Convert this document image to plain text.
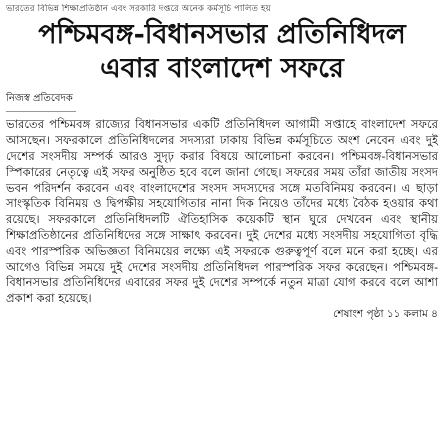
ভারতের বিভিন্ন শিক্ষাপ্রতিষ্ঠান এবং সরকারি দপ্তরে অনেক কর্মসূচি পালিত হয়
পশ্চিমবঙ্গ-বিধানসভার প্রতিনিধিদল
এবার বাংলাদেশ সফরে
নিজস্ব প্রতিবেদক

ভারতের পশ্চিমবঙ্গ রাজ্যের বিধানসভার একটি প্রতিনিধিদল আগামী সপ্তাহে বাংলাদেশ সফরে আসছেন। সফরকালে প্রতিনিধিদলের সদস্যরা ঢাকায় বিভিন্ন কর্মসূচিতে অংশ নেবেন এবং দুই দেশের সংসদীয় সম্পর্ক আরও সুদৃঢ় করার বিষয়ে আলোচনা করবেন। পশ্চিমবঙ্গ-বিধানসভার স্পিকারের নেতৃত্বে এই সফর অনুষ্ঠিত হবে বলে জানা গেছে। সফরের সময় তাঁরা জাতীয় সংসদ ভবন পরিদর্শন করবেন এবং বাংলাদেশের সংসদ সদস্যদের সঙ্গে মতবিনিময় করবেন। এ ছাড়া সাংস্কৃতিক বিনিময় ও দ্বিপক্ষীয় সহযোগিতার নানা দিক নিয়েও তাঁদের মধ্যে বৈঠক হওয়ার কথা রয়েছে। সফরকালে প্রতিনিধিদলটি ঐতিহাসিক কয়েকটি স্থান ঘুরে দেখবেন এবং স্থানীয় শিক্ষাপ্রতিষ্ঠানের প্রতিনিধিদের সঙ্গে সাক্ষাৎ করবেন। দুই দেশের মধ্যে সংসদীয় সহযোগিতা বৃদ্ধি এবং পারস্পরিক অভিজ্ঞতা বিনিময়ের লক্ষ্যে এই সফরকে গুরুত্বপূর্ণ বলে মনে করা হচ্ছে। এর আগেও বিভিন্ন সময়ে দুই দেশের সংসদীয় প্রতিনিধিদল পারস্পরিক সফর করেছেন। পশ্চিমবঙ্গ-বিধানসভার প্রতিনিধিদের এবারের সফর দুই দেশের সম্পর্কে নতুন মাত্রা যোগ করবে বলে আশা প্রকাশ করা হয়েছে।

শেষাংশ পৃষ্ঠা ১১ কলাম ৪
